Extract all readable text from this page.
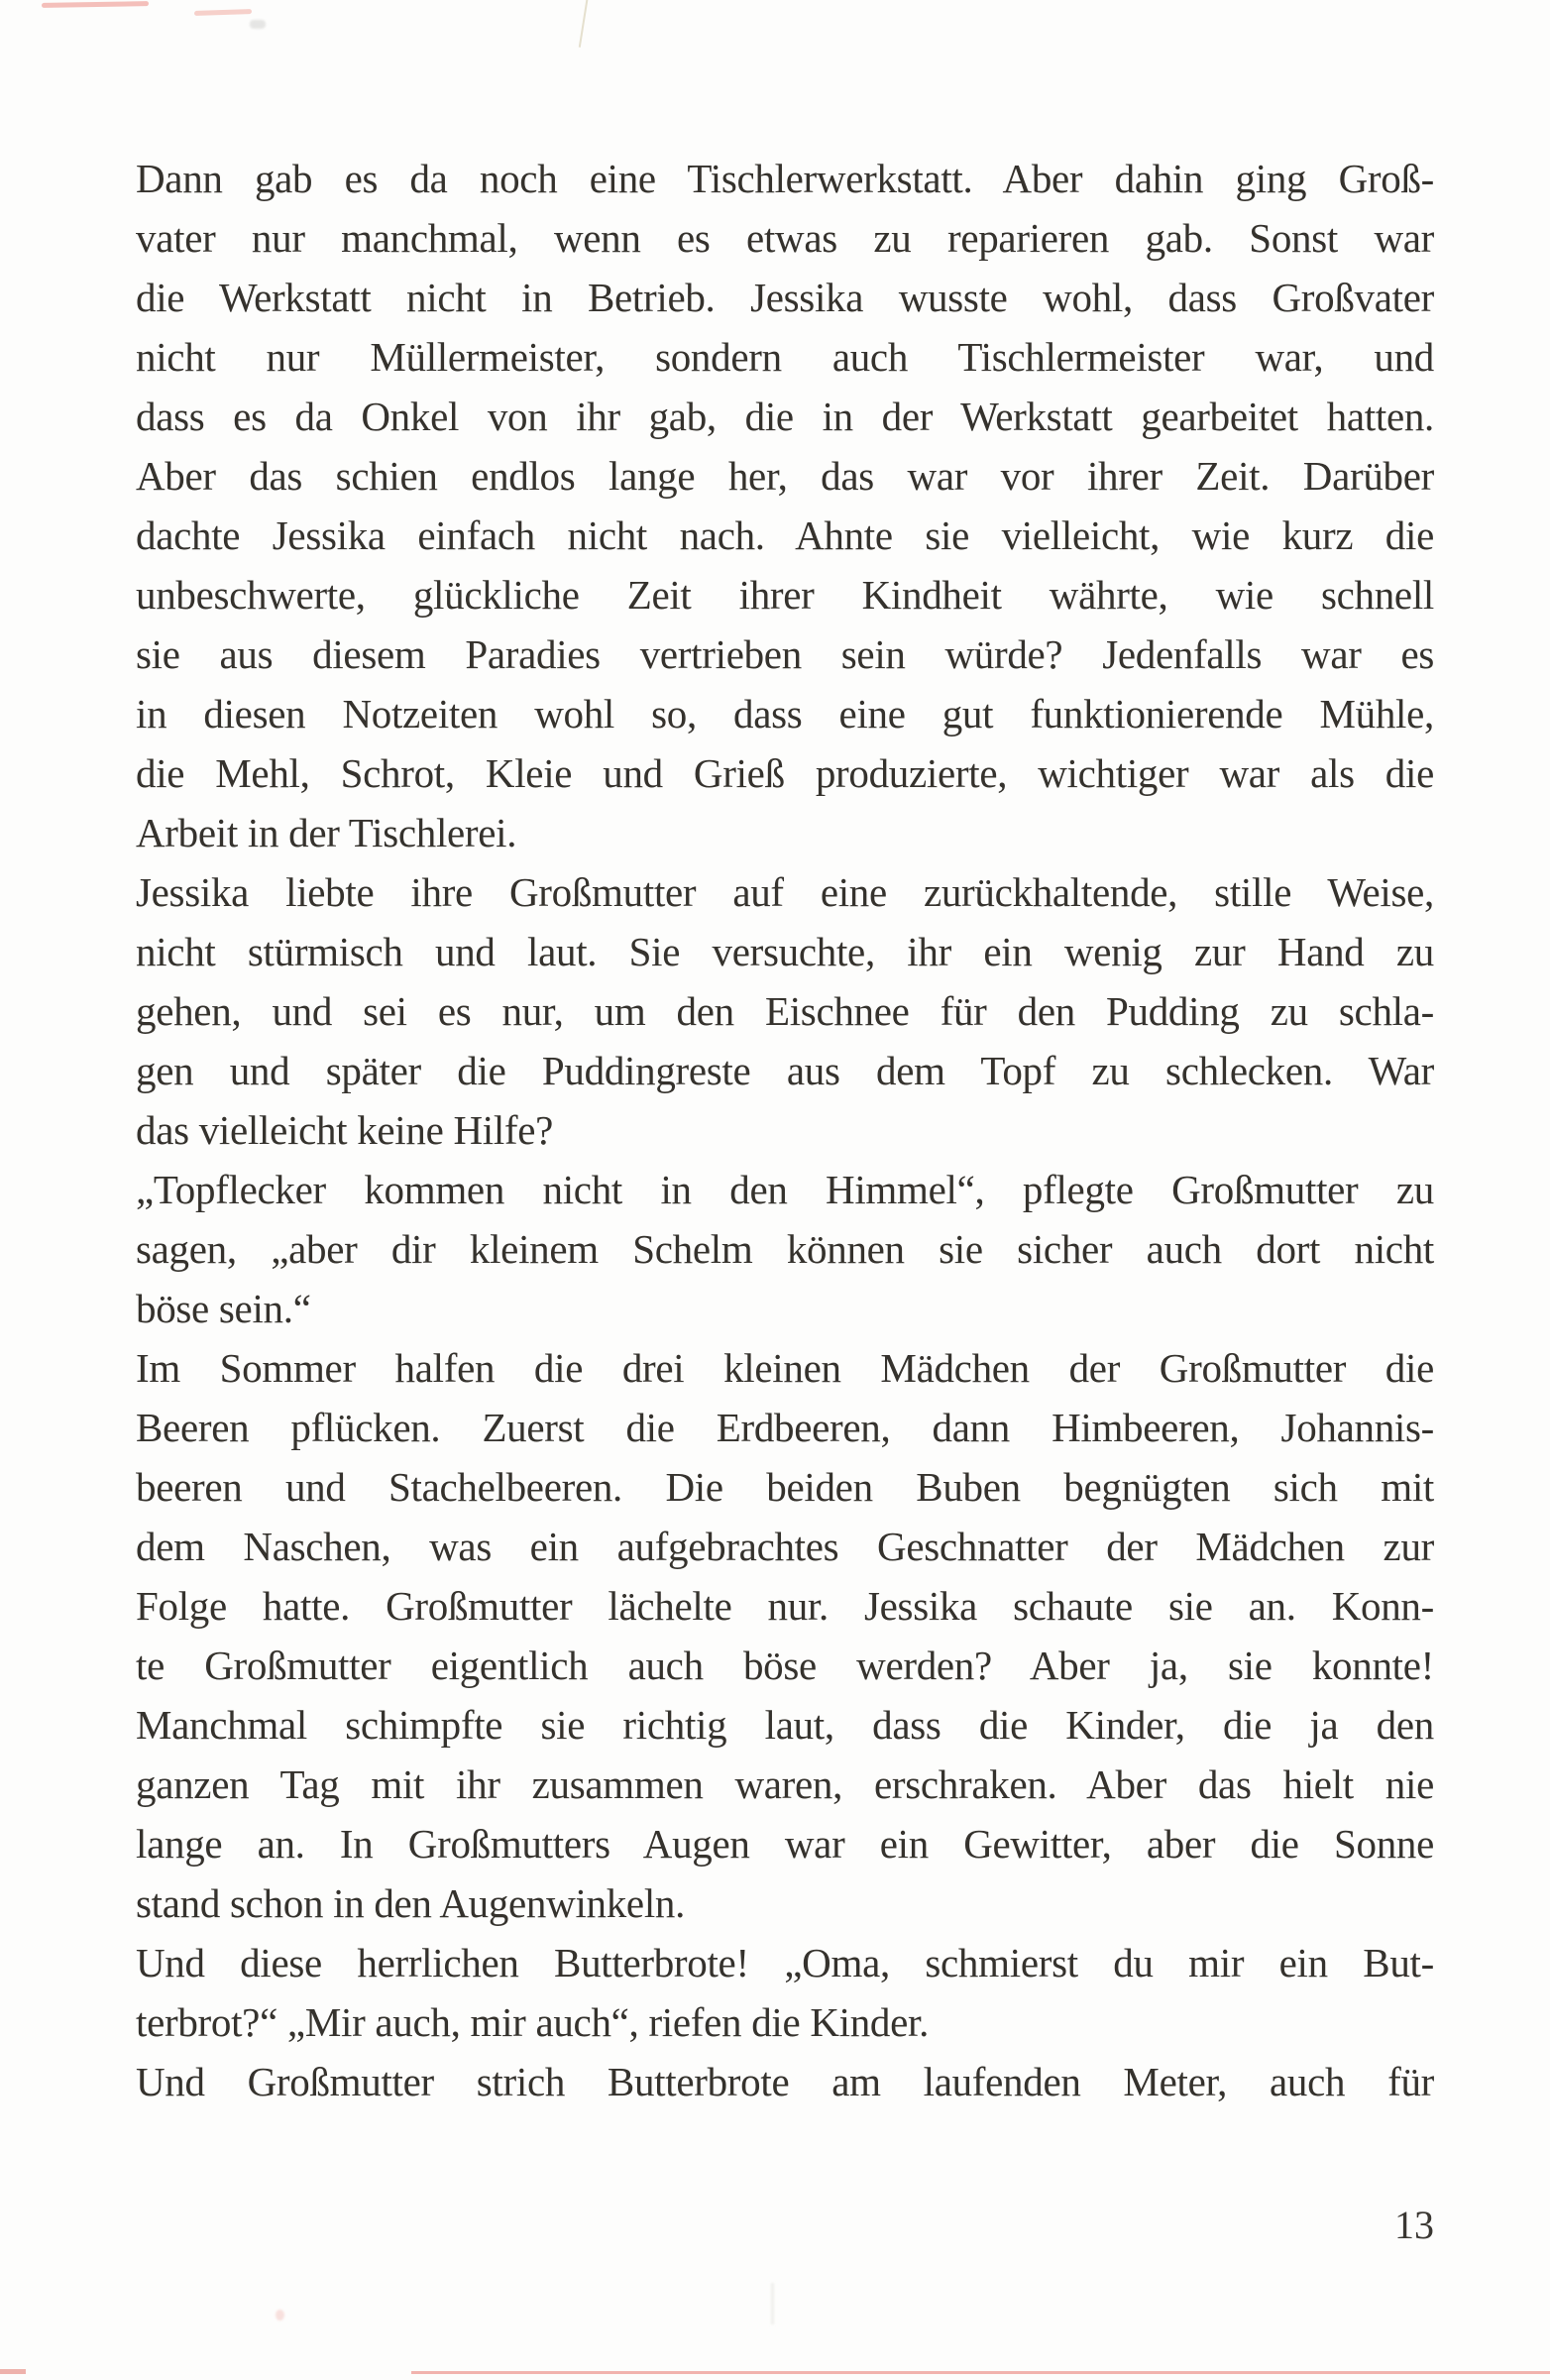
Dann gab es da noch eine Tischlerwerkstatt. Aber dahin ging Groß-
vater nur manchmal, wenn es etwas zu reparieren gab. Sonst war
die Werkstatt nicht in Betrieb. Jessika wusste wohl, dass Großvater
nicht nur Müllermeister, sondern auch Tischlermeister war, und
dass es da Onkel von ihr gab, die in der Werkstatt gearbeitet hatten.
Aber das schien endlos lange her, das war vor ihrer Zeit. Darüber
dachte Jessika einfach nicht nach. Ahnte sie vielleicht, wie kurz die
unbeschwerte, glückliche Zeit ihrer Kindheit währte, wie schnell
sie aus diesem Paradies vertrieben sein würde? Jedenfalls war es
in diesen Notzeiten wohl so, dass eine gut funktionierende Mühle,
die Mehl, Schrot, Kleie und Grieß produzierte, wichtiger war als die
Arbeit in der Tischlerei.
Jessika liebte ihre Großmutter auf eine zurückhaltende, stille Weise,
nicht stürmisch und laut. Sie versuchte, ihr ein wenig zur Hand zu
gehen, und sei es nur, um den Eischnee für den Pudding zu schla-
gen und später die Puddingreste aus dem Topf zu schlecken. War
das vielleicht keine Hilfe?
„Topflecker kommen nicht in den Himmel“, pflegte Großmutter zu
sagen, „aber dir kleinem Schelm können sie sicher auch dort nicht
böse sein.“
Im Sommer halfen die drei kleinen Mädchen der Großmutter die
Beeren pflücken. Zuerst die Erdbeeren, dann Himbeeren, Johannis-
beeren und Stachelbeeren. Die beiden Buben begnügten sich mit
dem Naschen, was ein aufgebrachtes Geschnatter der Mädchen zur
Folge hatte. Großmutter lächelte nur. Jessika schaute sie an. Konn-
te Großmutter eigentlich auch böse werden? Aber ja, sie konnte!
Manchmal schimpfte sie richtig laut, dass die Kinder, die ja den
ganzen Tag mit ihr zusammen waren, erschraken. Aber das hielt nie
lange an. In Großmutters Augen war ein Gewitter, aber die Sonne
stand schon in den Augenwinkeln.
Und diese herrlichen Butterbrote! „Oma, schmierst du mir ein But-
terbrot?“ „Mir auch, mir auch“, riefen die Kinder.
Und Großmutter strich Butterbrote am laufenden Meter, auch für
13
